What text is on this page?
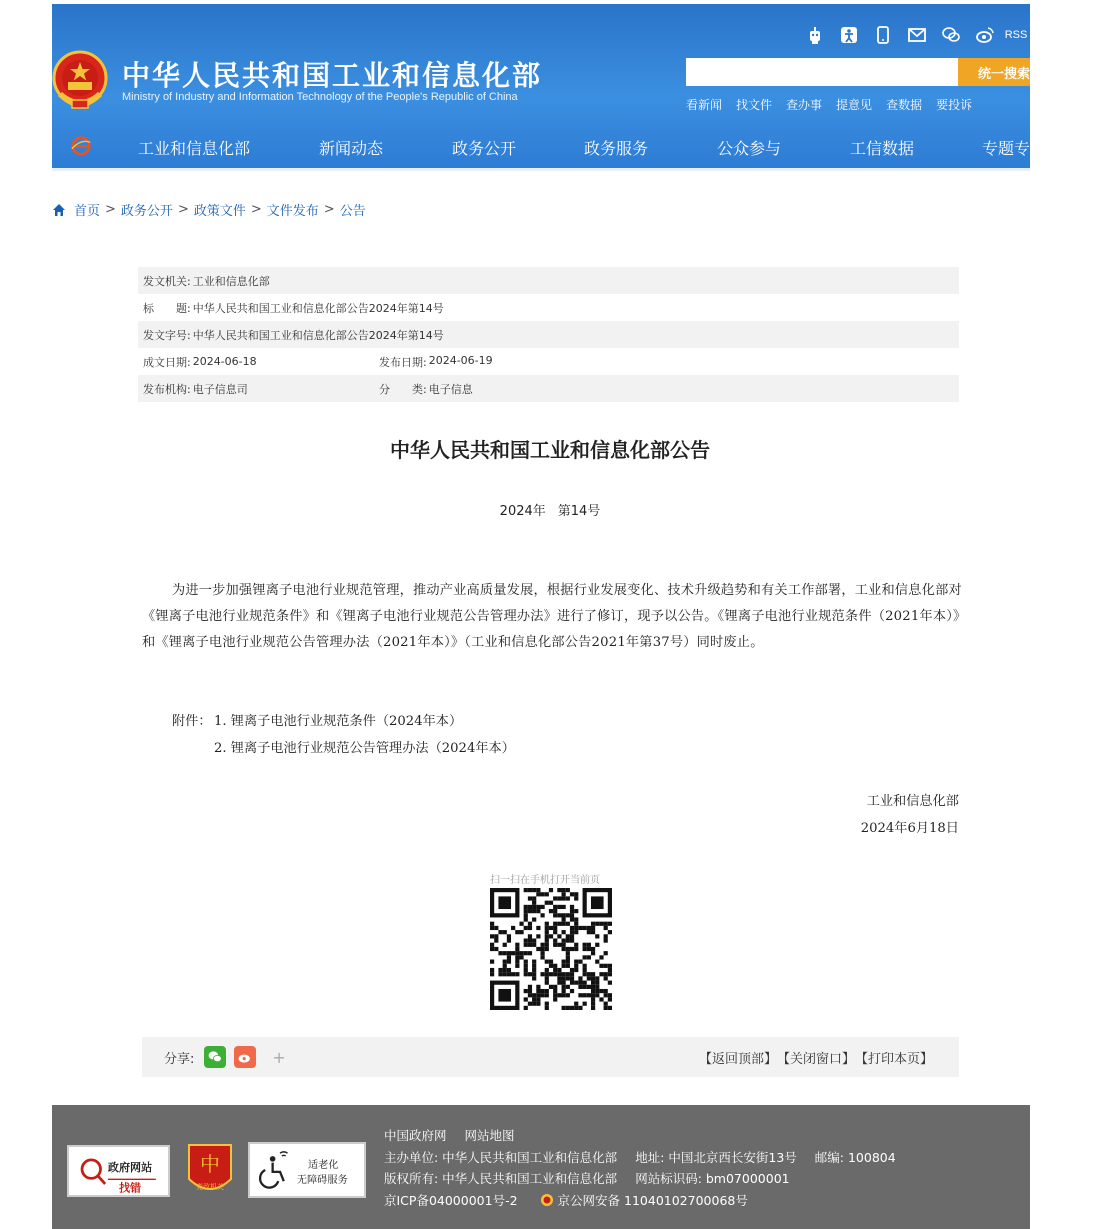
中华人民共和国工业和信息化部
Ministry of Industry and Information Technology of the People's Republic of China
RSS
统一搜索
看新闻 找文件 查办事 提意见 查数据 要投诉
工业和信息化部	新闻动态	政务公开	政务服务	公众参与	工信数据	专题专栏
首页 > 政务公开 > 政策文件 > 文件发布 > 公告
发文机关: 工业和信息化部
标　　题: 中华人民共和国工业和信息化部公告2024年第14号
发文字号: 中华人民共和国工业和信息化部公告2024年第14号
成文日期: 2024-06-18	发布日期: 2024-06-19
发布机构: 电子信息司	分　　类: 电子信息
中华人民共和国工业和信息化部公告
2024年 第14号

为进一步加强锂离子电池行业规范管理，推动产业高质量发展，根据行业发展变化、技术升级趋势和有关工作部署，工业和信息化部对《锂离子电池行业规范条件》和《锂离子电池行业规范公告管理办法》进行了修订，现予以公告。《锂离子电池行业规范条件（2021年本）》和《锂离子电池行业规范公告管理办法（2021年本）》（工业和信息化部公告2021年第37号）同时废止。

附件： 1. 锂离子电池行业规范条件（2024年本）
2. 锂离子电池行业规范公告管理办法（2024年本）
工业和信息化部
2024年6月18日
扫一扫在手机打开当前页
分享:	+	【返回顶部】 【关闭窗口】 【打印本页】
政府网站
找错
中
党政机关
适老化
无障碍服务
中国政府网 网站地图
主办单位: 中华人民共和国工业和信息化部 地址: 中国北京西长安街13号 邮编: 100804
版权所有: 中华人民共和国工业和信息化部 网站标识码: bm07000001
京ICP备04000001号-2	京公网安备 11040102700068号
